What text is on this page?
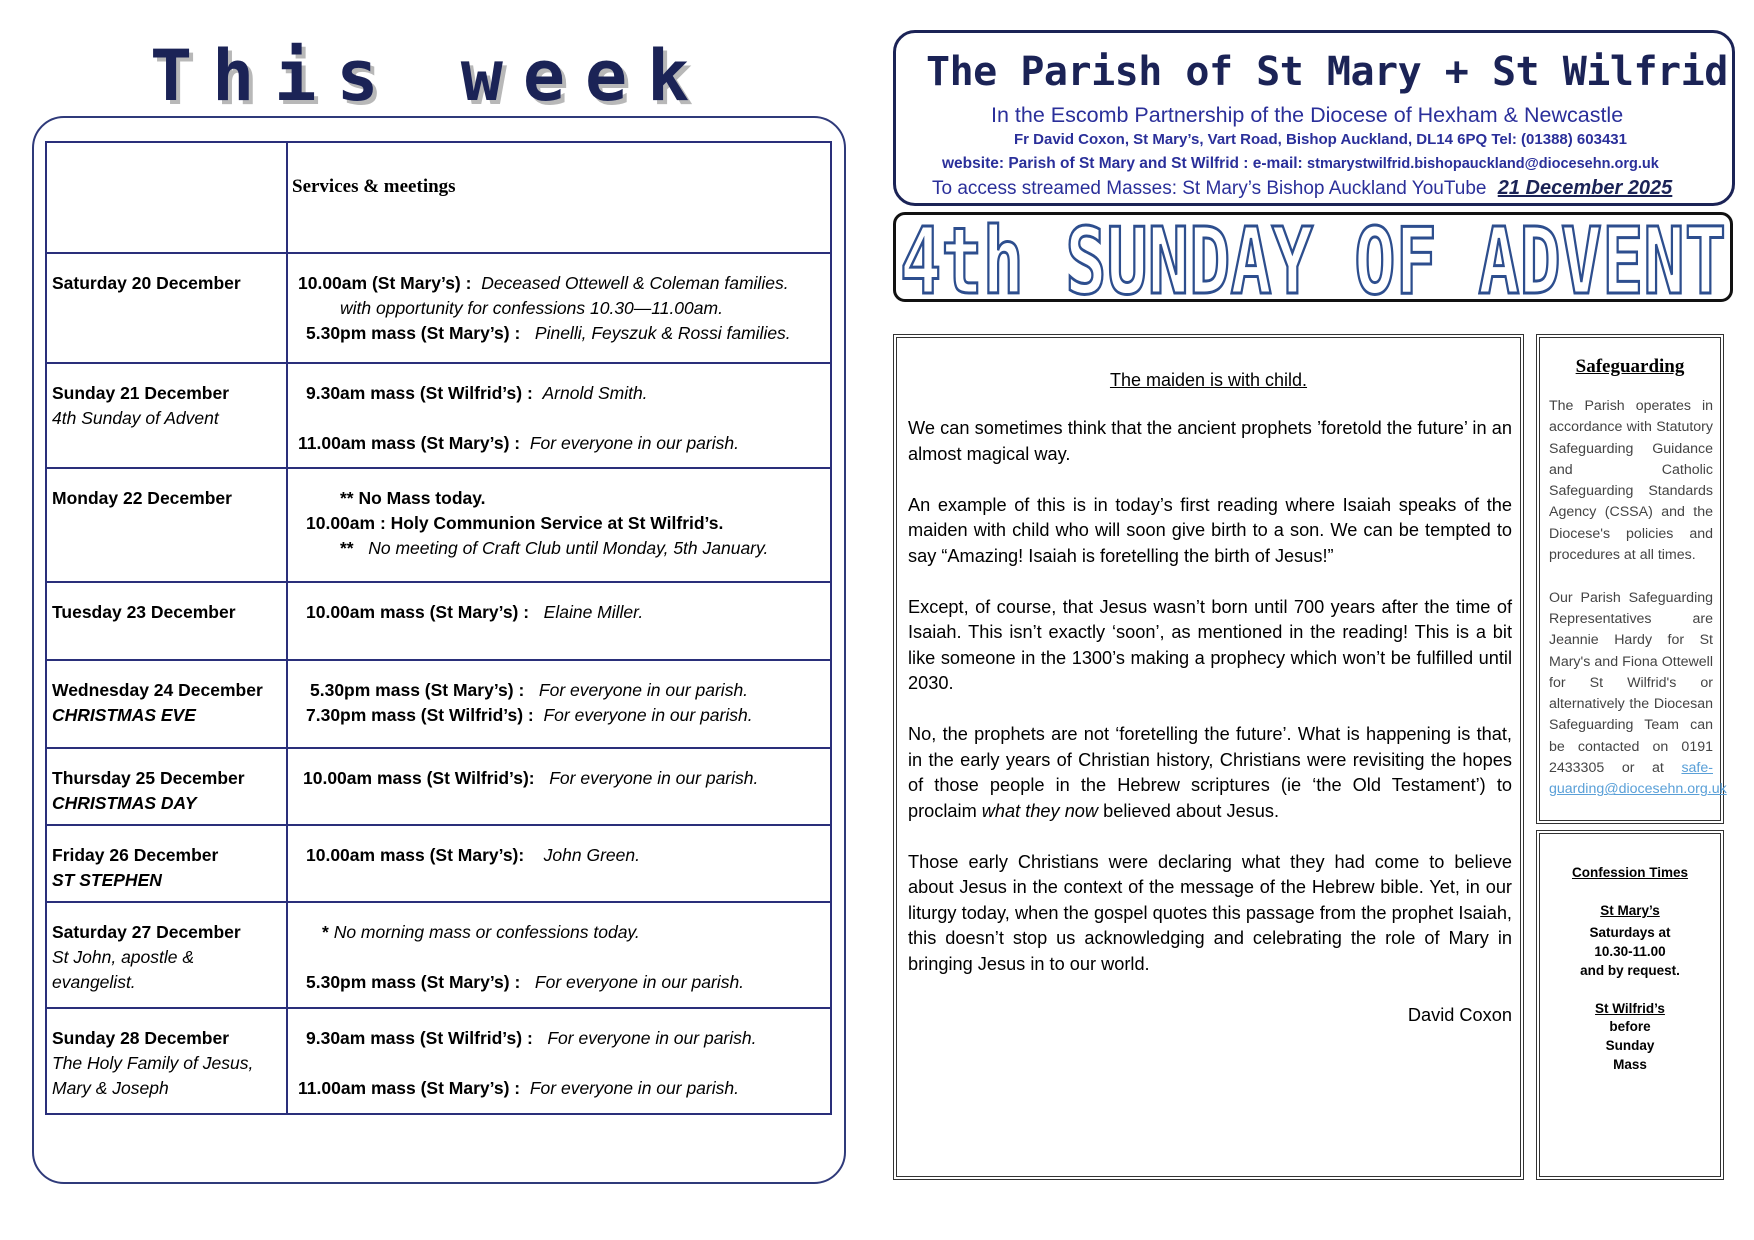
This week
	Services & meetings

Saturday 20 December	10.00am (St Mary’s) : Deceased Ottewell & Coleman families.
with opportunity for confessions 10.30—11.00am.
5.30pm mass (St Mary’s) : Pinelli, Feyszuk & Rossi families.

Sunday 21 December
4th Sunday of Advent	9.30am mass (St Wilfrid’s) : Arnold Smith.
11.00am mass (St Mary’s) : For everyone in our parish.

Monday 22 December	** No Mass today.
10.00am : Holy Communion Service at St Wilfrid’s.
** No meeting of Craft Club until Monday, 5th January.

Tuesday 23 December	10.00am mass (St Mary’s) : Elaine Miller.

Wednesday 24 December
CHRISTMAS EVE	5.30pm mass (St Mary’s) : For everyone in our parish.
7.30pm mass (St Wilfrid’s) : For everyone in our parish.

Thursday 25 December
CHRISTMAS DAY	10.00am mass (St Wilfrid’s): For everyone in our parish.

Friday 26 December
ST STEPHEN	10.00am mass (St Mary’s): John Green.

Saturday 27 December
St John, apostle & evangelist.	* No morning mass or confessions today.
5.30pm mass (St Mary’s) : For everyone in our parish.

Sunday 28 December
The Holy Family of Jesus, Mary & Joseph	9.30am mass (St Wilfrid’s) : For everyone in our parish.
11.00am mass (St Mary’s) : For everyone in our parish.
The Parish of St Mary + St Wilfrid
In the Escomb Partnership of the Diocese of Hexham & Newcastle
Fr David Coxon, St Mary’s, Vart Road, Bishop Auckland, DL14 6PQ Tel: (01388) 603431
website: Parish of St Mary and St Wilfrid : e-mail: stmarystwilfrid.bishopauckland@diocesehn.org.uk
To access streamed Masses: St Mary’s Bishop Auckland YouTube 21 December 2025
4th SUNDAY OF ADVENT
The maiden is with child.

We can sometimes think that the ancient prophets ’foretold the future’ in an almost magical way.

An example of this is in today’s first reading where Isaiah speaks of the maiden with child who will soon give birth to a son. We can be tempted to say “Amazing! Isaiah is foretelling the birth of Jesus!”

Except, of course, that Jesus wasn’t born until 700 years after the time of Isaiah. This isn’t exactly ‘soon’, as mentioned in the reading! This is a bit like someone in the 1300’s making a prophecy which won’t be fulfilled until 2030.

No, the prophets are not ‘foretelling the future’. What is happening is that, in the early years of Christian history, Christians were revisiting the hopes of those people in the Hebrew scriptures (ie ‘the Old Testament’) to proclaim what they now believed about Jesus.

Those early Christians were declaring what they had come to believe about Jesus in the context of the message of the Hebrew bible. Yet, in our liturgy today, when the gospel quotes this passage from the prophet Isaiah, this doesn’t stop us acknowledging and celebrating the role of Mary in bringing Jesus in to our world.

David Coxon

Safeguarding

The Parish operates in accordance with Statutory Safeguarding Guidance and Catholic Safeguarding Standards Agency (CSSA) and the Diocese's policies and procedures at all times.

Our Parish Safeguarding Representatives are Jeannie Hardy for St Mary's and Fiona Ottewell for St Wilfrid's or alternatively the Diocesan Safeguarding Team can be contacted on 0191 2433305 or at safe-guarding@diocesehn.org.uk

Confession Times
St Mary’s
Saturdays at
10.30-11.00
and by request.
St Wilfrid’s
before
Sunday
Mass
